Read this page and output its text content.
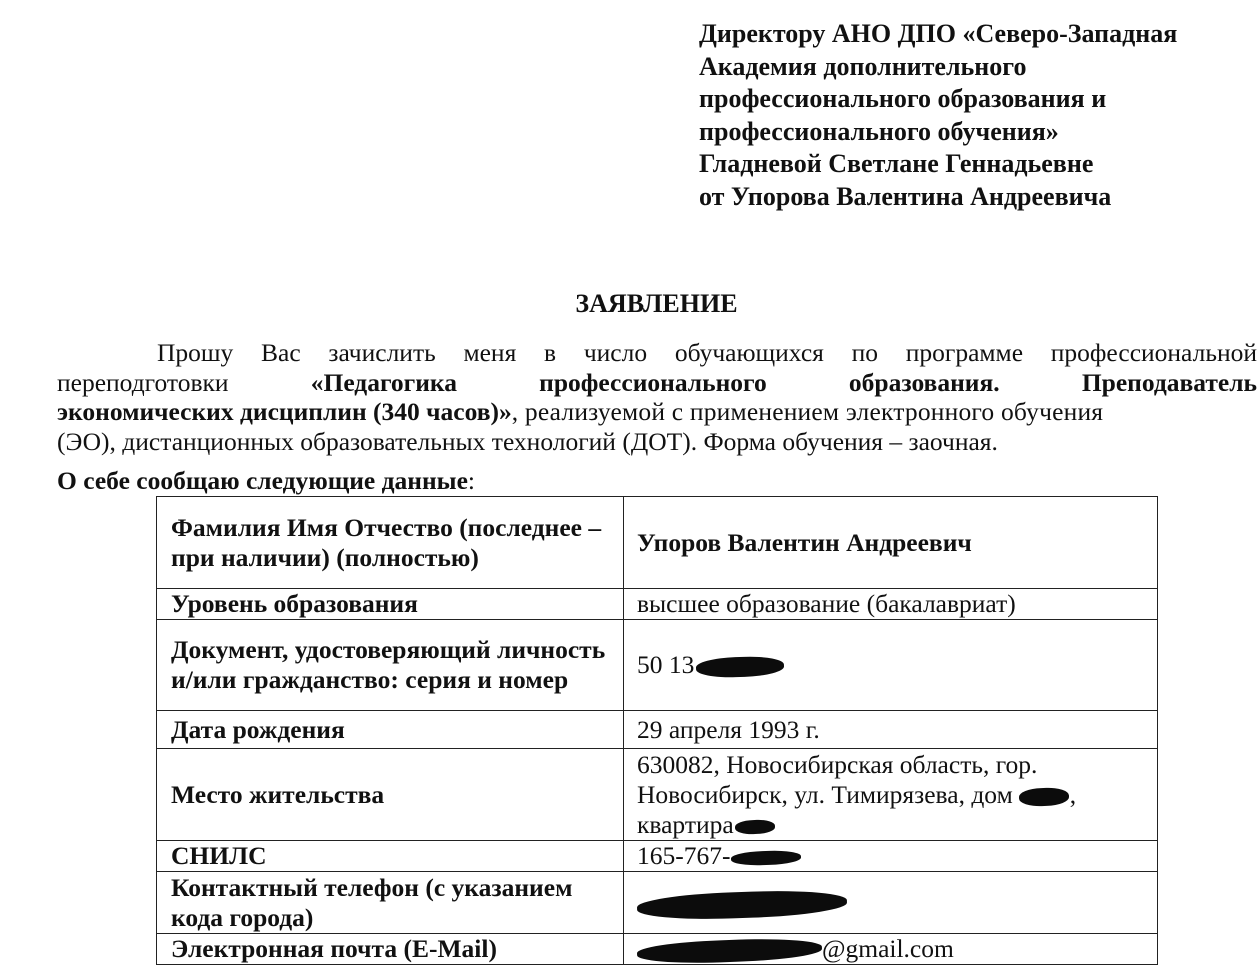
Директору АНО ДПО «Северо-Западная
Академия дополнительного
профессионального образования и
профессионального обучения»
Гладневой Светлане Геннадьевне
от Упорова Валентина Андреевича
ЗАЯВЛЕНИЕ
Прошу Вас зачислить меня в число обучающихся по программе профессиональной
переподготовки	«Педагогика профессионального образования. Преподаватель
экономических дисциплин (340 часов)», реализуемой с применением электронного обучения
(ЭО), дистанционных образовательных технологий (ДОТ). Форма обучения – заочная.
О себе сообщаю следующие данные:
Фамилия Имя Отчество (последнее – при наличии) (полностью)	Упоров Валентин Андреевич
Уровень образования	высшее образование (бакалавриат)
Документ, удостоверяющий личность и/или гражданство: серия и номер	50 13
Дата рождения	29 апреля 1993 г.
Место жительства	630082, Новосибирская область, гор. Новосибирск, ул. Тимирязева, дом ,
квартира
СНИЛС	165-767-
Контактный телефон (с указанием кода города)	
Электронная почта (E-Mail)	@gmail.com
